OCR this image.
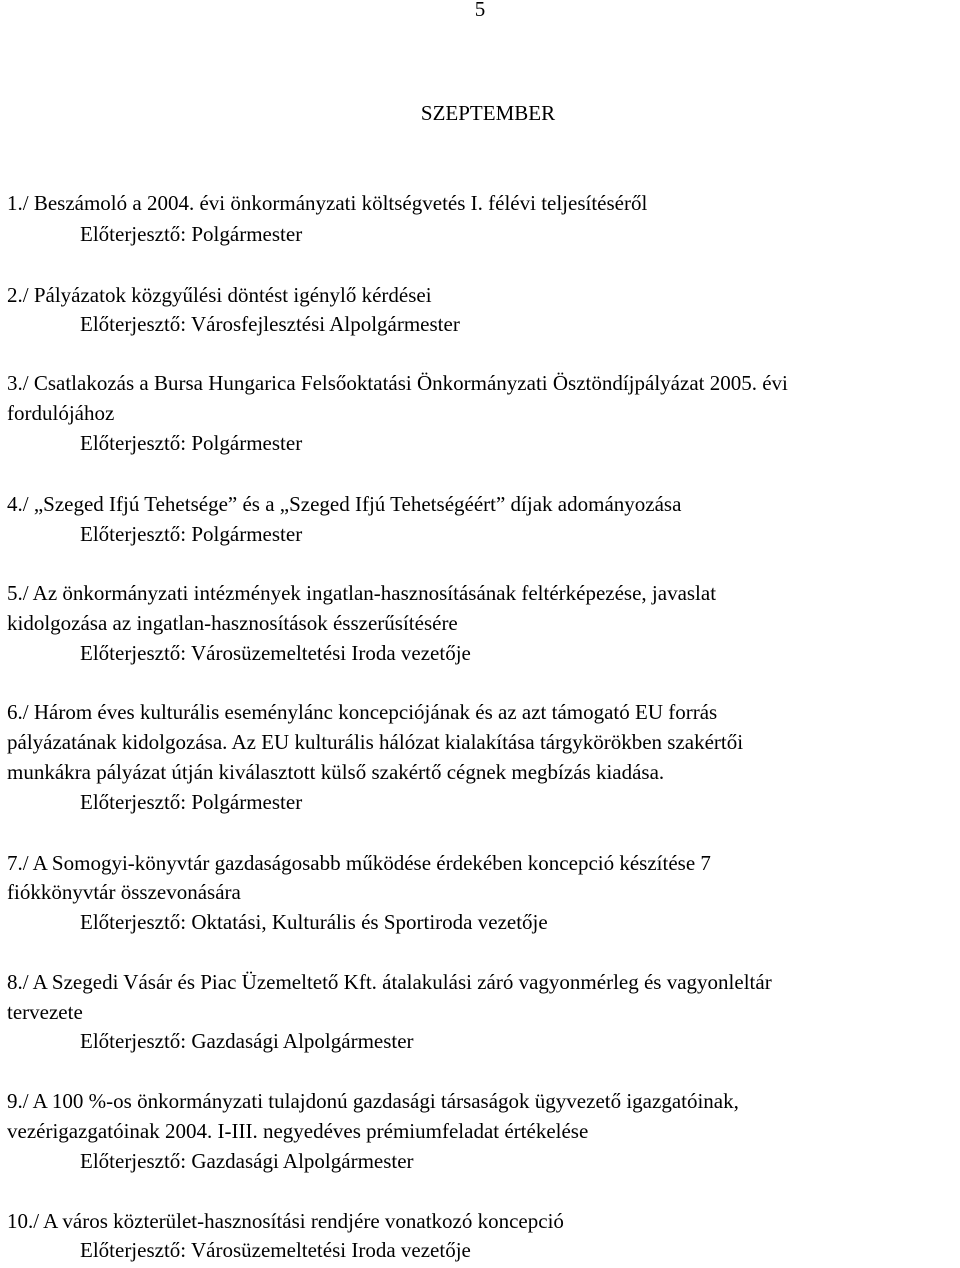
5
SZEPTEMBER
1./ Beszámoló a 2004. évi önkormányzati költségvetés I. félévi teljesítéséről
Előterjesztő: Polgármester
2./ Pályázatok közgyűlési döntést igénylő kérdései
Előterjesztő: Városfejlesztési Alpolgármester
3./ Csatlakozás a Bursa Hungarica Felsőoktatási Önkormányzati Ösztöndíjpályázat 2005. évi
fordulójához
Előterjesztő: Polgármester
4./ „Szeged Ifjú Tehetsége” és a „Szeged Ifjú Tehetségéért” díjak adományozása
Előterjesztő: Polgármester
5./ Az önkormányzati intézmények ingatlan-hasznosításának feltérképezése, javaslat
kidolgozása az ingatlan-hasznosítások ésszerűsítésére
Előterjesztő: Városüzemeltetési Iroda vezetője
6./ Három éves kulturális eseménylánc koncepciójának és az azt támogató EU forrás
pályázatának kidolgozása. Az EU kulturális hálózat kialakítása tárgykörökben szakértői
munkákra pályázat útján kiválasztott külső szakértő cégnek megbízás kiadása.
Előterjesztő: Polgármester
7./ A Somogyi-könyvtár gazdaságosabb működése érdekében koncepció készítése 7
fiókkönyvtár összevonására
Előterjesztő: Oktatási, Kulturális és Sportiroda vezetője
8./ A Szegedi Vásár és Piac Üzemeltető Kft. átalakulási záró vagyonmérleg és vagyonleltár
tervezete
Előterjesztő: Gazdasági Alpolgármester
9./ A 100 %-os önkormányzati tulajdonú gazdasági társaságok ügyvezető igazgatóinak,
vezérigazgatóinak 2004. I-III. negyedéves prémiumfeladat értékelése
Előterjesztő: Gazdasági Alpolgármester
10./ A város közterület-hasznosítási rendjére vonatkozó koncepció
Előterjesztő: Városüzemeltetési Iroda vezetője
